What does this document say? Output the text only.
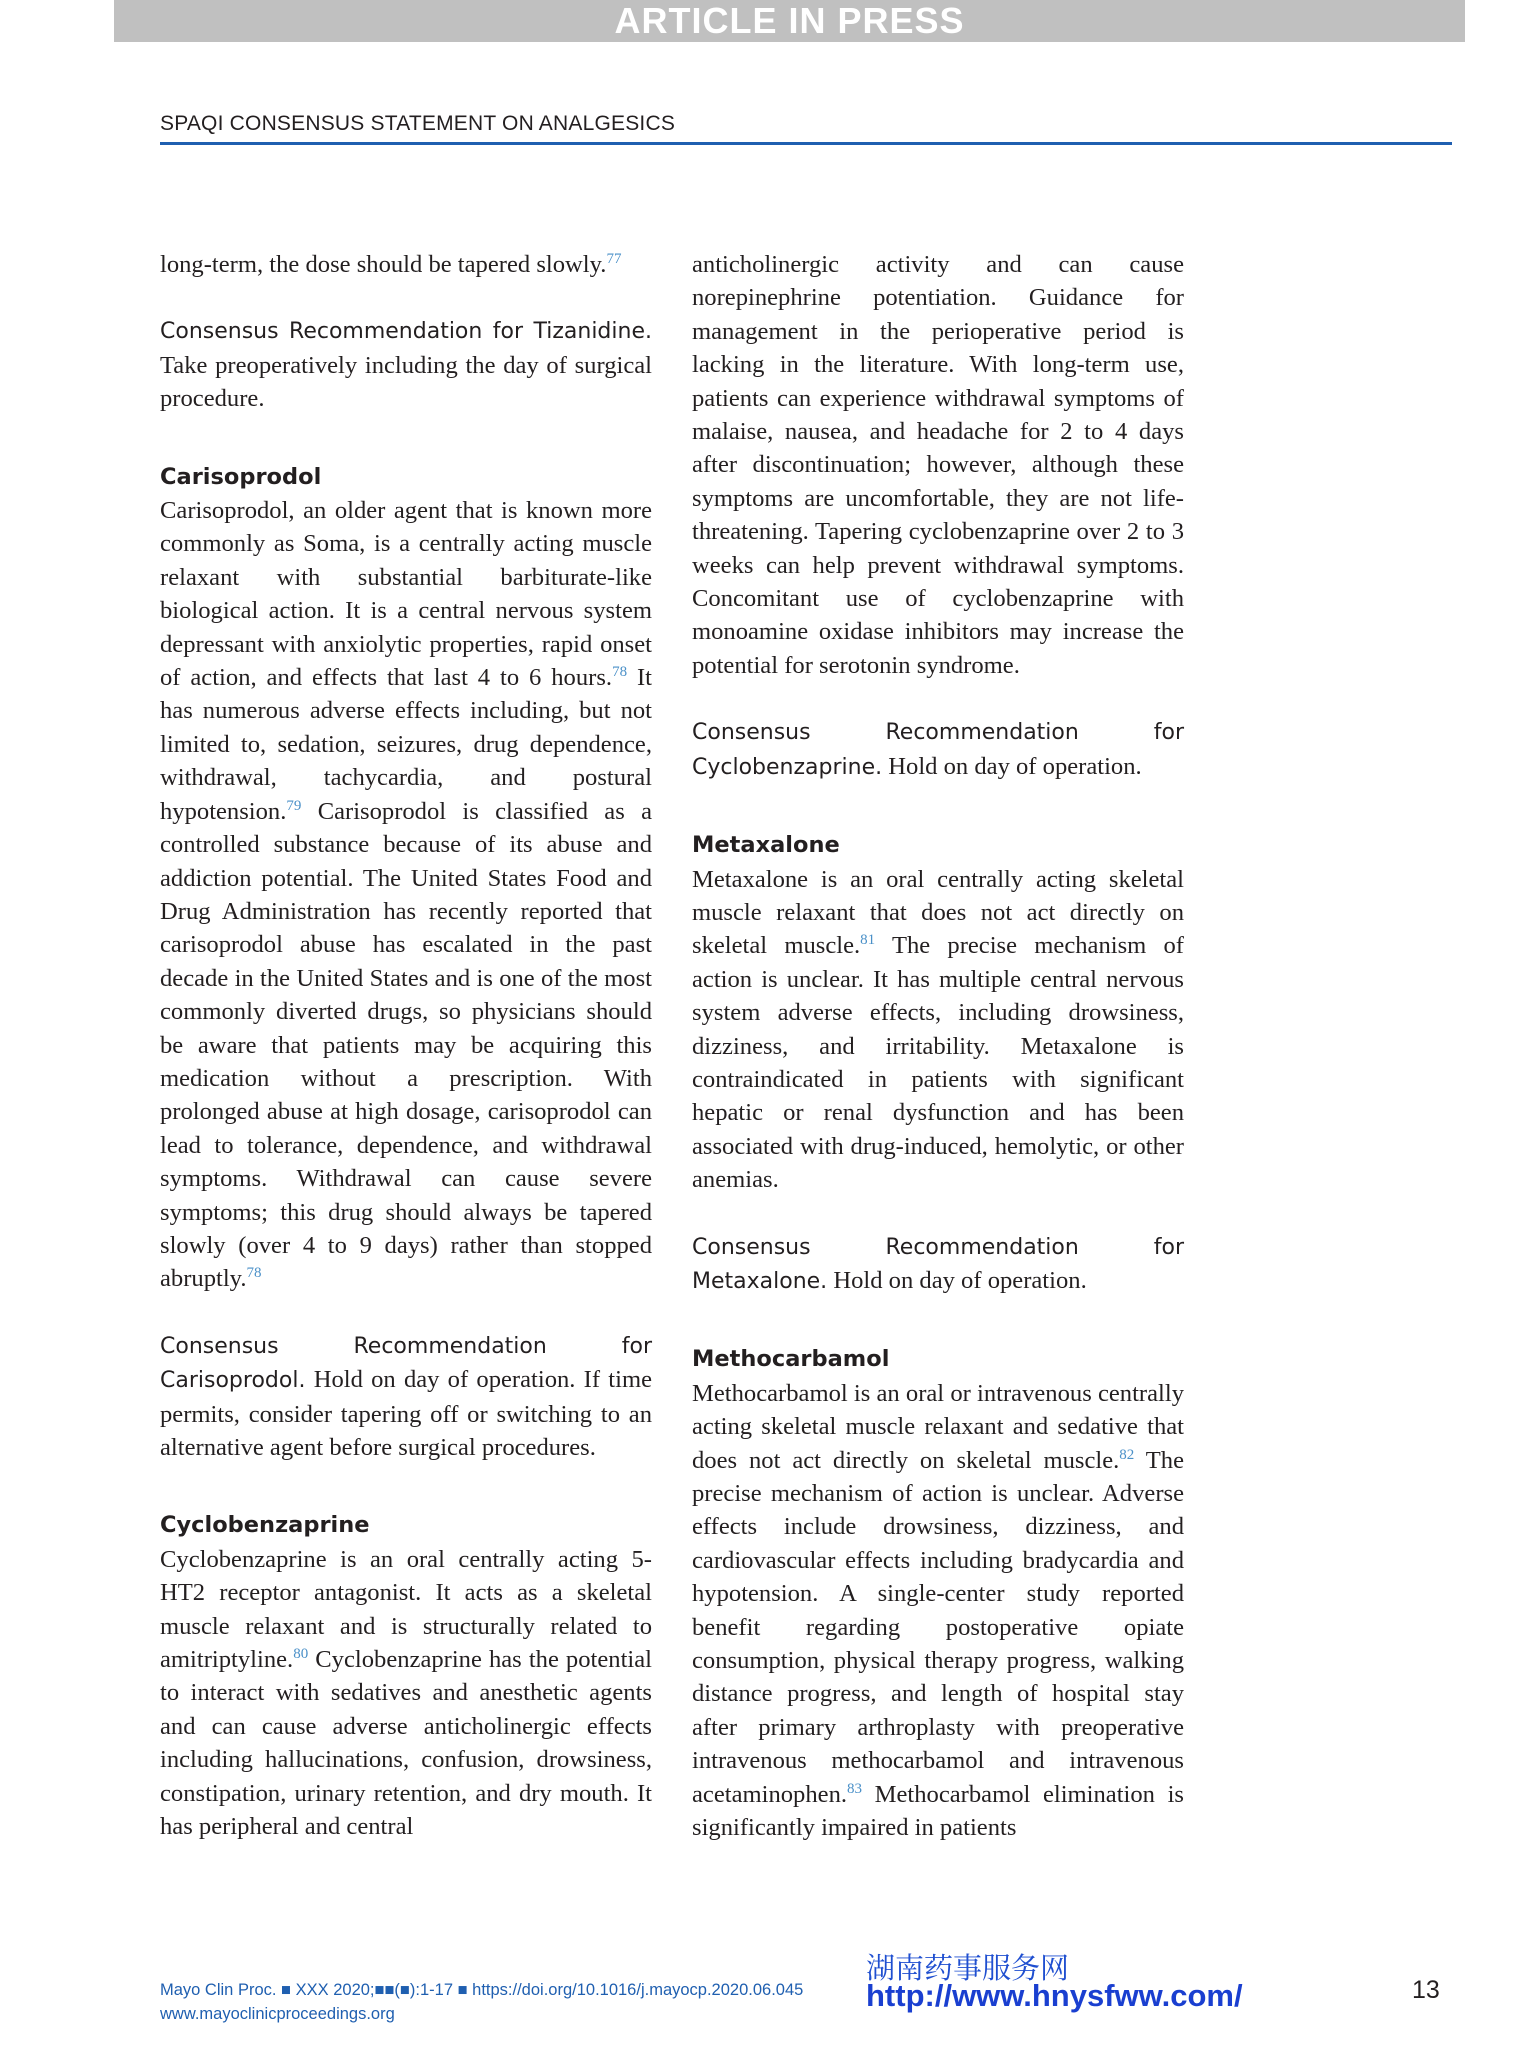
ARTICLE IN PRESS
SPAQI CONSENSUS STATEMENT ON ANALGESICS

long-term, the dose should be tapered slowly.$^{77}$

Consensus Recommendation for Tizanidine. Take preoperatively including the day of surgical procedure.

Carisoprodol

Carisoprodol, an older agent that is known more commonly as Soma, is a centrally acting muscle relaxant with substantial barbiturate-like biological action. It is a central nervous system depressant with anxiolytic properties, rapid onset of action, and effects that last 4 to 6 hours.$^{78}$ It has numerous adverse effects including, but not limited to, sedation, seizures, drug dependence, withdrawal, tachycardia, and postural hypotension.$^{79}$ Carisoprodol is classified as a controlled substance because of its abuse and addiction potential. The United States Food and Drug Administration has recently reported that carisoprodol abuse has escalated in the past decade in the United States and is one of the most commonly diverted drugs, so physicians should be aware that patients may be acquiring this medication without a prescription. With prolonged abuse at high dosage, carisoprodol can lead to tolerance, dependence, and withdrawal symptoms. Withdrawal can cause severe symptoms; this drug should always be tapered slowly (over 4 to 9 days) rather than stopped abruptly.$^{78}$

Consensus Recommendation for Carisoprodol. Hold on day of operation. If time permits, consider tapering off or switching to an alternative agent before surgical procedures.

Cyclobenzaprine

Cyclobenzaprine is an oral centrally acting 5-HT2 receptor antagonist. It acts as a skeletal muscle relaxant and is structurally related to amitriptyline.$^{80}$ Cyclobenzaprine has the potential to interact with sedatives and anesthetic agents and can cause adverse anticholinergic effects including hallucinations, confusion, drowsiness, constipation, urinary retention, and dry mouth. It has peripheral and central

anticholinergic activity and can cause norepinephrine potentiation. Guidance for management in the perioperative period is lacking in the literature. With long-term use, patients can experience withdrawal symptoms of malaise, nausea, and headache for 2 to 4 days after discontinuation; however, although these symptoms are uncomfortable, they are not life-threatening. Tapering cyclobenzaprine over 2 to 3 weeks can help prevent withdrawal symptoms. Concomitant use of cyclobenzaprine with monoamine oxidase inhibitors may increase the potential for serotonin syndrome.

Consensus Recommendation for Cyclobenzaprine. Hold on day of operation.

Metaxalone

Metaxalone is an oral centrally acting skeletal muscle relaxant that does not act directly on skeletal muscle.$^{81}$ The precise mechanism of action is unclear. It has multiple central nervous system adverse effects, including drowsiness, dizziness, and irritability. Metaxalone is contraindicated in patients with significant hepatic or renal dysfunction and has been associated with drug-induced, hemolytic, or other anemias.

Consensus Recommendation for Metaxalone. Hold on day of operation.

Methocarbamol

Methocarbamol is an oral or intravenous centrally acting skeletal muscle relaxant and sedative that does not act directly on skeletal muscle.$^{82}$ The precise mechanism of action is unclear. Adverse effects include drowsiness, dizziness, and cardiovascular effects including bradycardia and hypotension. A single-center study reported benefit regarding postoperative opiate consumption, physical therapy progress, walking distance progress, and length of hospital stay after primary arthroplasty with preoperative intravenous methocarbamol and intravenous acetaminophen.$^{83}$ Methocarbamol elimination is significantly impaired in patients

Mayo Clin Proc. ■ XXX 2020;■■(■):1-17 ■ https://doi.org/10.1016/j.mayocp.2020.06.045
www.mayoclinicproceedings.org
湖南药事服务网
http://www.hnysfww.com/	13
